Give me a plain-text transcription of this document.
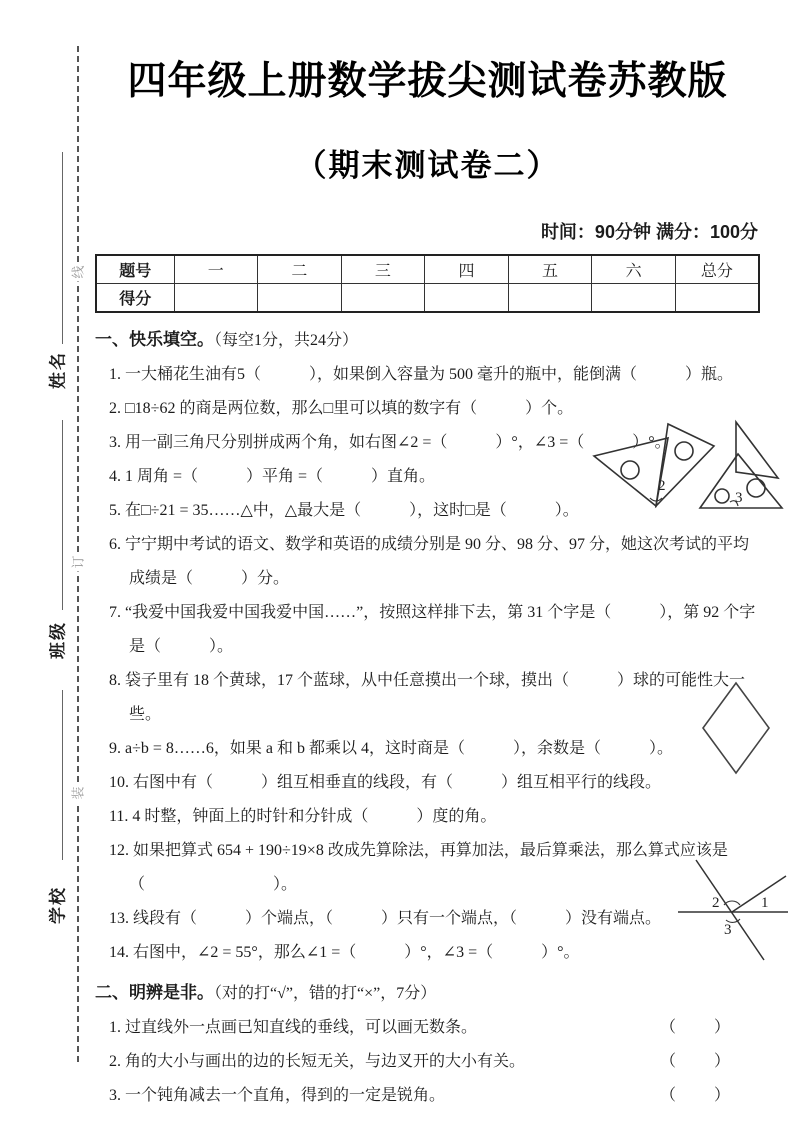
线
订
装
姓名
班级
学校
四年级上册数学拔尖测试卷苏教版
（期末测试卷二）
时间：90分钟 满分：100分
题号	一	二	三	四	五	六	总分
得分							
一、快乐填空。（每空1分，共24分）
1. 一大桶花生油有5（　　　），如果倒入容量为 500 毫升的瓶中，能倒满（　　　）瓶。
2. □18÷62 的商是两位数，那么□里可以填的数字有（　　　）个。
3. 用一副三角尺分别拼成两个角，如右图∠2 =（　　　）°，∠3 =（　　　）°。
4. 1 周角 =（　　　）平角 =（　　　）直角。
5. 在□÷21 = 35……△中，△最大是（　　　），这时□是（　　　）。
6. 宁宁期中考试的语文、数学和英语的成绩分别是 90 分、98 分、97 分，她这次考试的平均成绩是（　　　）分。
7. “我爱中国我爱中国我爱中国……”，按照这样排下去，第 31 个字是（　　　），第 92 个字是（　　　）。
8. 袋子里有 18 个黄球，17 个蓝球，从中任意摸出一个球，摸出（　　　）球的可能性大一些。
9. a÷b = 8……6，如果 a 和 b 都乘以 4，这时商是（　　　），余数是（　　　）。
10. 右图中有（　　　）组互相垂直的线段，有（　　　）组互相平行的线段。
11. 4 时整，钟面上的时针和分针成（　　　）度的角。
12. 如果把算式 654 + 190÷19×8 改成先算除法，再算加法，最后算乘法，那么算式应该是（　　　　　　　　）。
13. 线段有（　　　）个端点，（　　　）只有一个端点，（　　　）没有端点。
14. 右图中，∠2 = 55°，那么∠1 =（　　　）°，∠3 =（　　　）°。
二、明辨是非。（对的打“√”，错的打“×”，7分）
1. 过直线外一点画已知直线的垂线，可以画无数条。	（　　）
2. 角的大小与画出的边的长短无关，与边叉开的大小有关。	（　　）
3. 一个钝角减去一个直角，得到的一定是锐角。	（　　）
2
3
1
2
3
